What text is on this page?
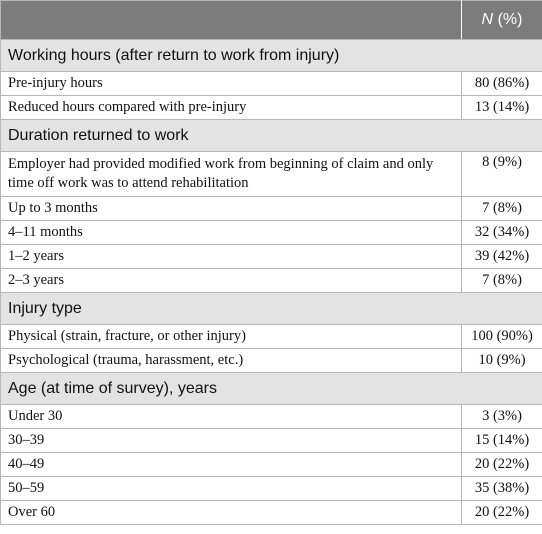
	N (%)
Working hours (after return to work from injury)	
Pre-injury hours	80 (86%)
Reduced hours compared with pre-injury	13 (14%)
Duration returned to work	
Employer had provided modified work from beginning of claim and only time off work was to attend rehabilitation	8 (9%)
Up to 3 months	7 (8%)
4–11 months	32 (34%)
1–2 years	39 (42%)
2–3 years	7 (8%)
Injury type	
Physical (strain, fracture, or other injury)	100 (90%)
Psychological (trauma, harassment, etc.)	10 (9%)
Age (at time of survey), years	
Under 30	3 (3%)
30–39	15 (14%)
40–49	20 (22%)
50–59	35 (38%)
Over 60	20 (22%)
